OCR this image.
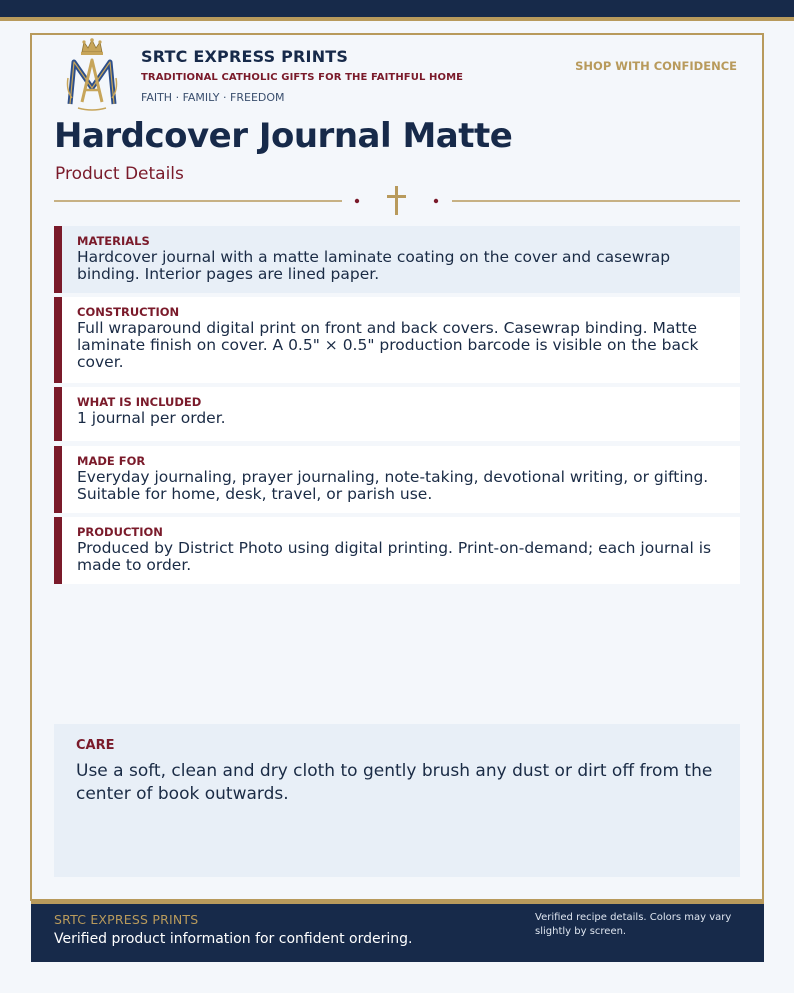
SRTC EXPRESS PRINTS
TRADITIONAL CATHOLIC GIFTS FOR THE FAITHFUL HOME
FAITH · FAMILY · FREEDOM
SHOP WITH CONFIDENCE
Hardcover Journal Matte
Product Details
MATERIALS
Hardcover journal with a matte laminate coating on the cover and casewrap binding. Interior pages are lined paper.
CONSTRUCTION
Full wraparound digital print on front and back covers. Casewrap binding. Matte laminate finish on cover. A 0.5" × 0.5" production barcode is visible on the back cover.
WHAT IS INCLUDED
1 journal per order.
MADE FOR
Everyday journaling, prayer journaling, note-taking, devotional writing, or gifting. Suitable for home, desk, travel, or parish use.
PRODUCTION
Produced by District Photo using digital printing. Print-on-demand; each journal is made to order.
CARE
Use a soft, clean and dry cloth to gently brush any dust or dirt off from the center of book outwards.
SRTC EXPRESS PRINTS
Verified product information for confident ordering.
Verified recipe details. Colors may vary slightly by screen.
